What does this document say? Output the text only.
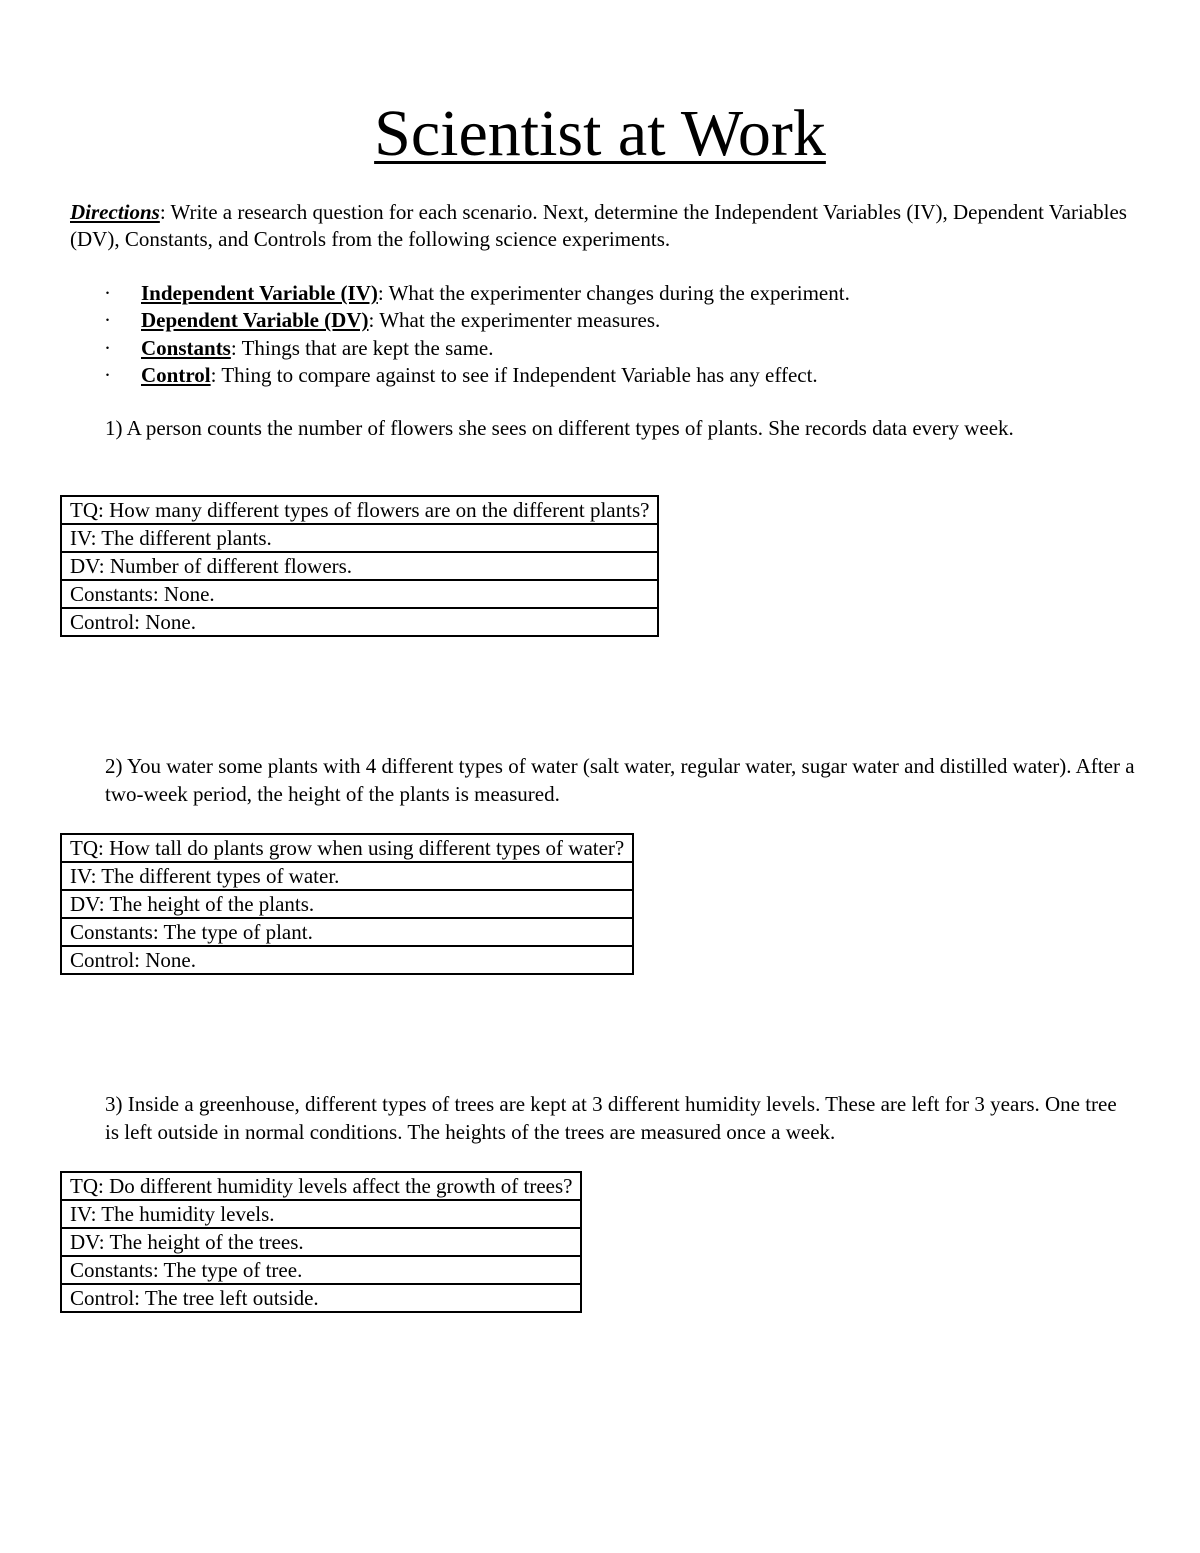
Scientist at Work
Directions: Write a research question for each scenario. Next, determine the Independent Variables (IV), Dependent Variables (DV), Constants, and Controls from the following science experiments.
· Independent Variable (IV): What the experimenter changes during the experiment.
· Dependent Variable (DV): What the experimenter measures.
· Constants: Things that are kept the same.
· Control: Thing to compare against to see if Independent Variable has any effect.
1) A person counts the number of flowers she sees on different types of plants. She records data every week.
TQ: How many different types of flowers are on the different plants?
IV: The different plants.
DV: Number of different flowers.
Constants: None.
Control: None.
2) You water some plants with 4 different types of water (salt water, regular water, sugar water and distilled water). After a two-week period, the height of the plants is measured.
TQ: How tall do plants grow when using different types of water?
IV: The different types of water.
DV: The height of the plants.
Constants: The type of plant.
Control: None.
3) Inside a greenhouse, different types of trees are kept at 3 different humidity levels. These are left for 3 years. One tree is left outside in normal conditions. The heights of the trees are measured once a week.
TQ: Do different humidity levels affect the growth of trees?
IV: The humidity levels.
DV: The height of the trees.
Constants: The type of tree.
Control: The tree left outside.
